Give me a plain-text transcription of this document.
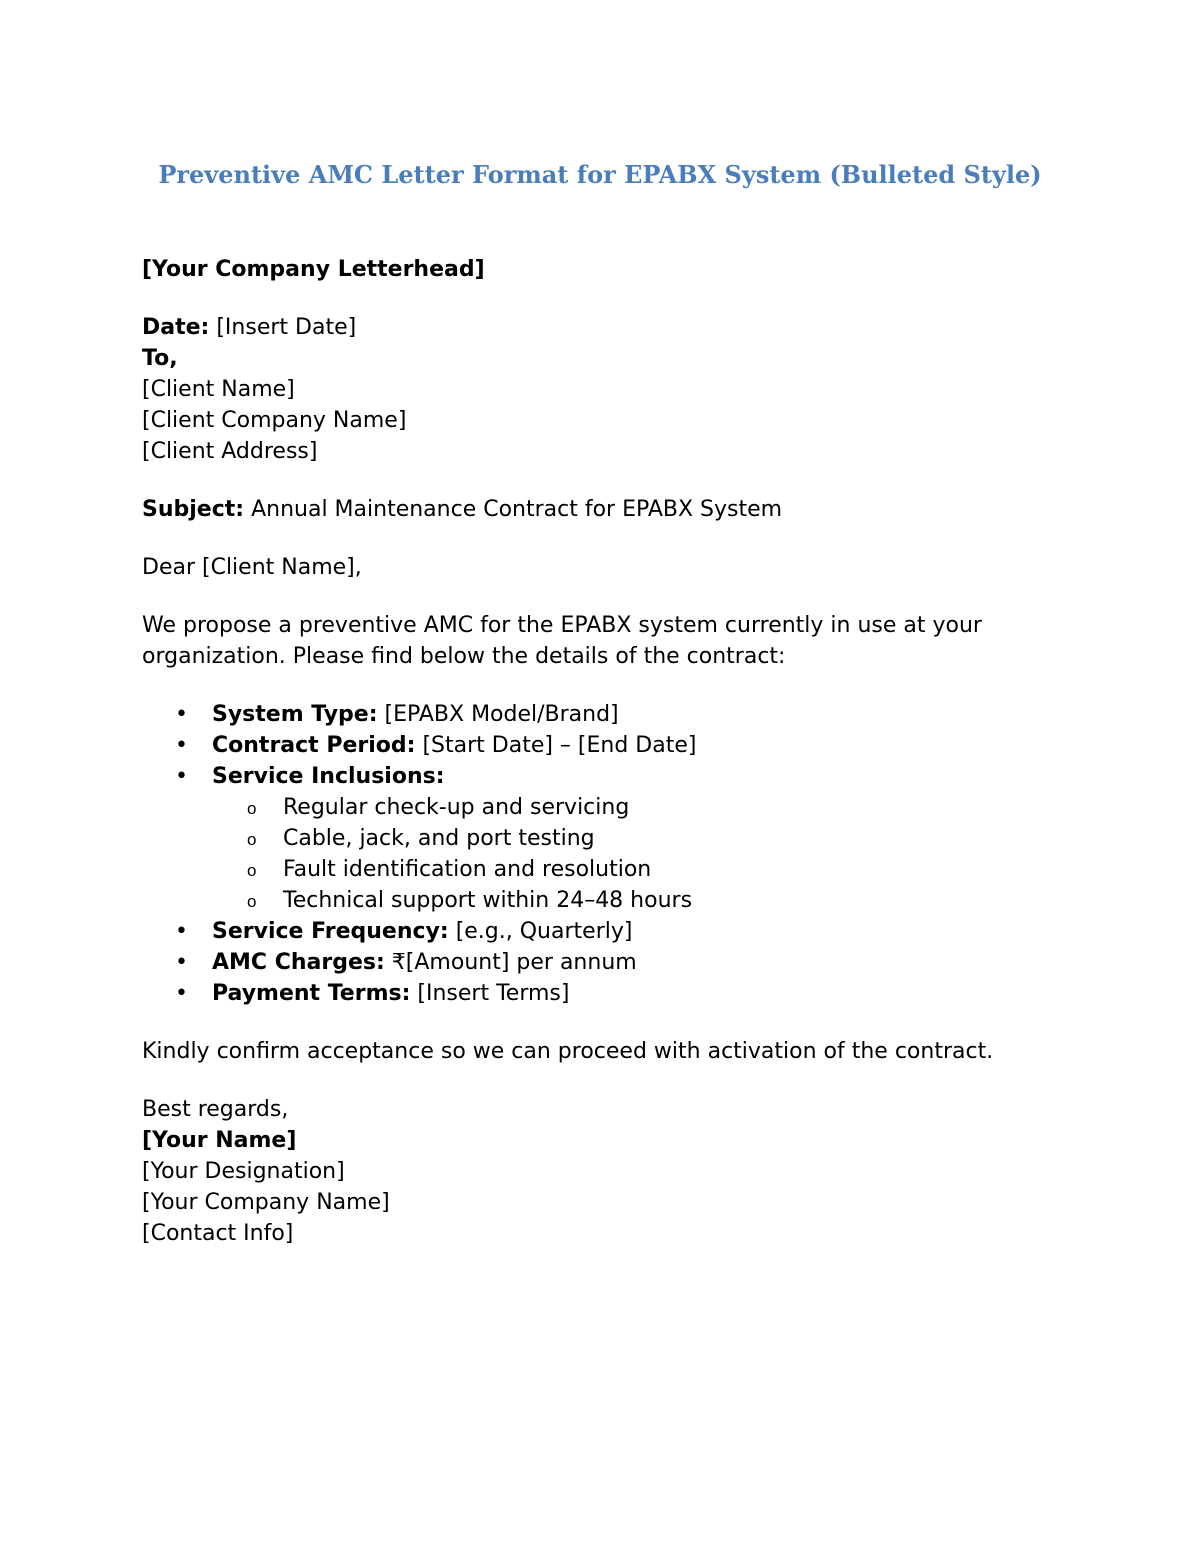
Preventive AMC Letter Format for EPABX System (Bulleted Style)
[Your Company Letterhead]
Date: [Insert Date]
To,
[Client Name]
[Client Company Name]
[Client Address]
Subject: Annual Maintenance Contract for EPABX System
Dear [Client Name],
We propose a preventive AMC for the EPABX system currently in use at your
organization. Please find below the details of the contract:
• System Type: [EPABX Model/Brand]
• Contract Period: [Start Date] – [End Date]
• Service Inclusions:
o Regular check-up and servicing
o Cable, jack, and port testing
o Fault identification and resolution
o Technical support within 24–48 hours
• Service Frequency: [e.g., Quarterly]
• AMC Charges: ₹[Amount] per annum
• Payment Terms: [Insert Terms]
Kindly confirm acceptance so we can proceed with activation of the contract.
Best regards,
[Your Name]
[Your Designation]
[Your Company Name]
[Contact Info]
